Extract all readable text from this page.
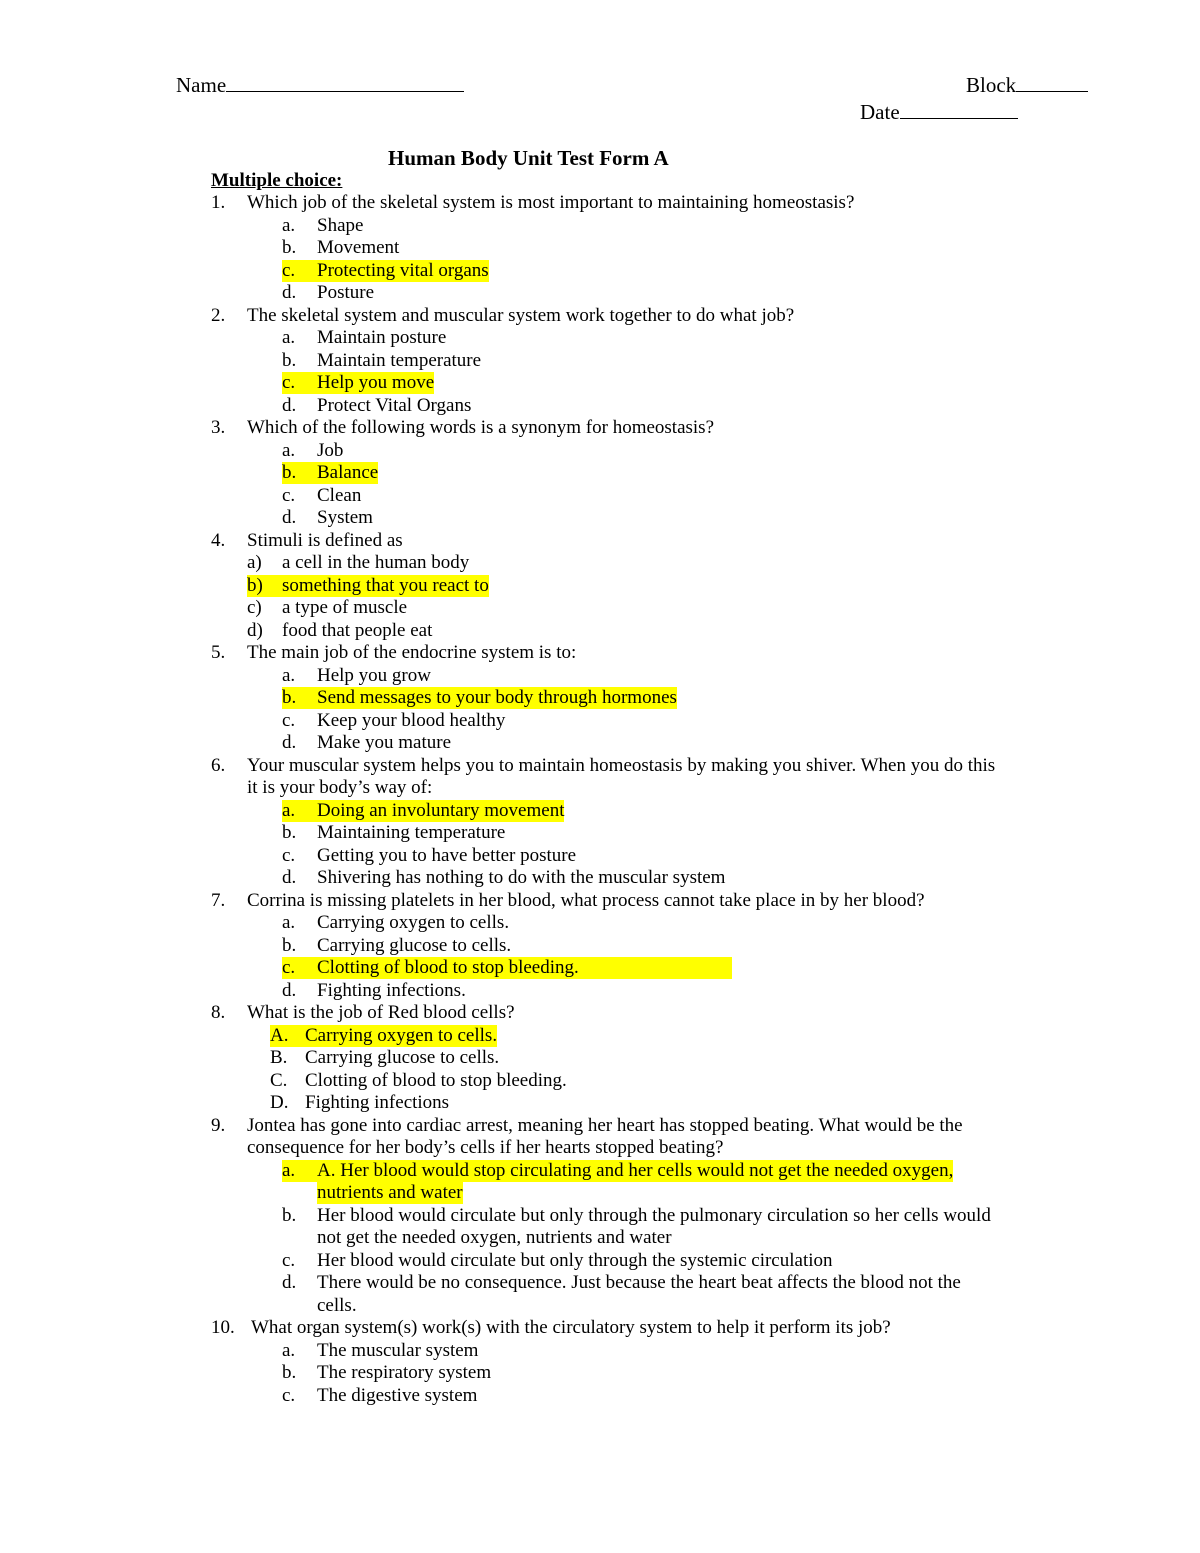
Name	Block
Date
Human Body Unit Test Form A
Multiple choice:
1. Which job of the skeletal system is most important to maintaining homeostasis?
a. Shape
b. Movement
c.	Protecting vital organs
d. Posture
2. The skeletal system and muscular system work together to do what job?
a. Maintain posture
b. Maintain temperature
c.	Help you move
d. Protect Vital Organs
3. Which of the following words is a synonym for homeostasis?
a. Job
b.	Balance
c. Clean
d. System
4. Stimuli is defined as
a) a cell in the human body
b)	something that you react to
c) a type of muscle
d) food that people eat
5. The main job of the endocrine system is to:
a. Help you grow
b.	Send messages to your body through hormones
c. Keep your blood healthy
d. Make you mature
6. Your muscular system helps you to maintain homeostasis by making you shiver. When you do this
it is your body’s way of:
a.	Doing an involuntary movement
b. Maintaining temperature
c. Getting you to have better posture
d. Shivering has nothing to do with the muscular system
7. Corrina is missing platelets in her blood, what process cannot take place in by her blood?
a. Carrying oxygen to cells.
b. Carrying glucose to cells.
c.	Clotting of blood to stop bleeding.
d. Fighting infections.
8. What is the job of Red blood cells?
A. Carrying oxygen to cells.
B. Carrying glucose to cells.
C. Clotting of blood to stop bleeding.
D. Fighting infections
9. Jontea has gone into cardiac arrest, meaning her heart has stopped beating. What would be the
consequence for her body’s cells if her hearts stopped beating?
a.	A. Her blood would stop circulating and her cells would not get the needed oxygen,
nutrients and water
b. Her blood would circulate but only through the pulmonary circulation so her cells would
not get the needed oxygen, nutrients and water
c. Her blood would circulate but only through the systemic circulation
d. There would be no consequence. Just because the heart beat affects the blood not the
cells.
10. What organ system(s) work(s) with the circulatory system to help it perform its job?
a. The muscular system
b. The respiratory system
c. The digestive system
